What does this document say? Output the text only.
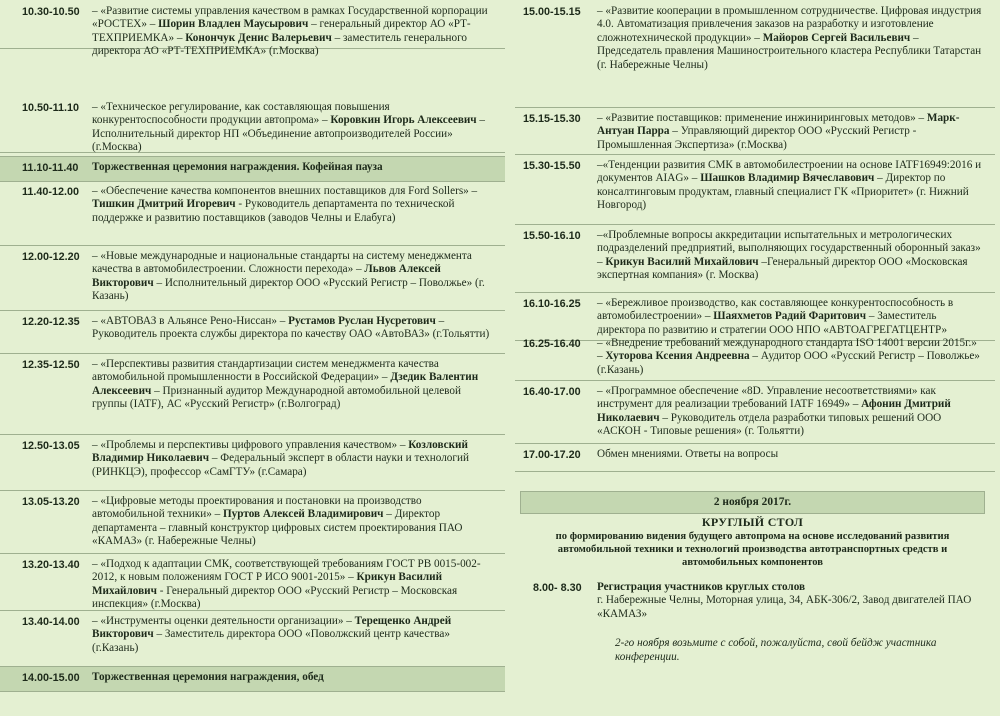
10.30-10.50 – «Развитие системы управления качеством в рамках Государственной корпорации «РОСТЕХ» – Шорин Владлен Маусырович – генеральный директор АО «РТ-ТЕХПРИЕМКА» – Конончук Денис Валерьевич – заместитель генерального директора АО «РТ-ТЕХПРИЕМКА» (г.Москва)
10.50-11.10 – «Техническое регулирование, как составляющая повышения конкурентоспособности продукции автопрома» – Коровкин Игорь Алексеевич – Исполнительный директор НП «Объединение автопроизводителей России» (г.Москва)
11.10-11.40 Торжественная церемония награждения. Кофейная пауза
11.40-12.00 – «Обеспечение качества компонентов внешних поставщиков для Ford Sollers» – Тишкин Дмитрий Игоревич - Руководитель департамента по технической поддержке и развитию поставщиков (заводов Челны и Елабуга)
12.00-12.20 – «Новые международные и национальные стандарты на систему менеджмента качества в автомобилестроении. Сложности перехода» – Львов Алексей Викторович – Исполнительный директор ООО «Русский Регистр – Поволжье» (г. Казань)
12.20-12.35 – «АВТОВАЗ в Альянсе Рено-Ниссан» – Рустамов Руслан Нусретович – Руководитель проекта службы директора по качеству ОАО «АвтоВАЗ» (г.Тольятти)
12.35-12.50 – «Перспективы развития стандартизации систем менеджмента качества автомобильной промышленности в Российской Федерации» – Дзедик Валентин Алексеевич – Признанный аудитор Международной автомобильной целевой группы (IATF), АС «Русский Регистр» (г.Волгоград)
12.50-13.05 – «Проблемы и перспективы цифрового управления качеством» – Козловский Владимир Николаевич – Федеральный эксперт в области науки и технологий (РИНКЦЭ), профессор «СамГТУ» (г.Самара)
13.05-13.20 – «Цифровые методы проектирования и постановки на производство автомобильной техники» – Пуртов Алексей Владимирович – Директор департамента – главный конструктор цифровых систем проектирования ПАО «КАМАЗ» (г. Набережные Челны)
13.20-13.40 – «Подход к адаптации СМК, соответствующей требованиям ГОСТ РВ 0015-002-2012, к новым положениям ГОСТ Р ИСО 9001-2015» – Крикун Василий Михайлович - Генеральный директор ООО «Русский Регистр – Московская инспекция» (г.Москва)
13.40-14.00 – «Инструменты оценки деятельности организации» – Терещенко Андрей Викторович – Заместитель директора ООО «Поволжский центр качества» (г.Казань)
14.00-15.00 Торжественная церемония награждения, обед
15.00-15.15 – «Развитие кооперации в промышленном сотрудничестве. Цифровая индустрия 4.0. Автоматизация привлечения заказов на разработку и изготовление сложнотехнической продукции» – Майоров Сергей Васильевич – Председатель правления Машиностроительного кластера Республики Татарстан (г. Набережные Челны)
15.15-15.30 – «Развитие поставщиков: применение инжиниринговых методов» – Марк-Антуан Парра – Управляющий директор ООО «Русский Регистр - Промышленная Экспертиза» (г.Москва)
15.30-15.50 –«Тенденции развития СМК в автомобилестроении на основе IATF16949:2016 и документов AIAG» – Шашков Владимир Вячеславович – Директор по консалтинговым продуктам, главный специалист ГК «Приоритет» (г. Нижний Новгород)
15.50-16.10 –«Проблемные вопросы аккредитации испытательных и метрологических подразделений предприятий, выполняющих государственный оборонный заказ» – Крикун Василий Михайлович –Генеральный директор ООО «Московская экспертная компания» (г. Москва)
16.10-16.25 – «Бережливое производство, как составляющее конкурентоспособность в автомобилестроении» – Шаяхметов Радий Фаритович – Заместитель директора по развитию и стратегии ООО НПО «АВТОАГРЕГАТЦЕНТР»
16.25-16.40 – «Внедрение требований международного стандарта ISO 14001 версии 2015г.» – Хуторова Ксения Андреевна – Аудитор ООО «Русский Регистр – Поволжье» (г.Казань)
16.40-17.00 – «Программное обеспечение «8D. Управление несоответствиями» как инструмент для реализации требований IATF 16949» – Афонин Дмитрий Николаевич – Руководитель отдела разработки типовых решений ООО «АСКОН - Типовые решения» (г. Тольятти)
17.00-17.20 Обмен мнениями. Ответы на вопросы
2 ноября 2017г.
КРУГЛЫЙ СТОЛ
по формированию видения будущего автопрома на основе исследований развития автомобильной техники и технологий производства автотранспортных средств и автомобильных компонентов
8.00- 8.30 Регистрация участников круглых столов
г. Набережные Челны, Моторная улица, 34, АБК-306/2, Завод двигателей ПАО «КАМАЗ»
2-го ноября возьмите с собой, пожалуйста, свой бейдж участника конференции.
